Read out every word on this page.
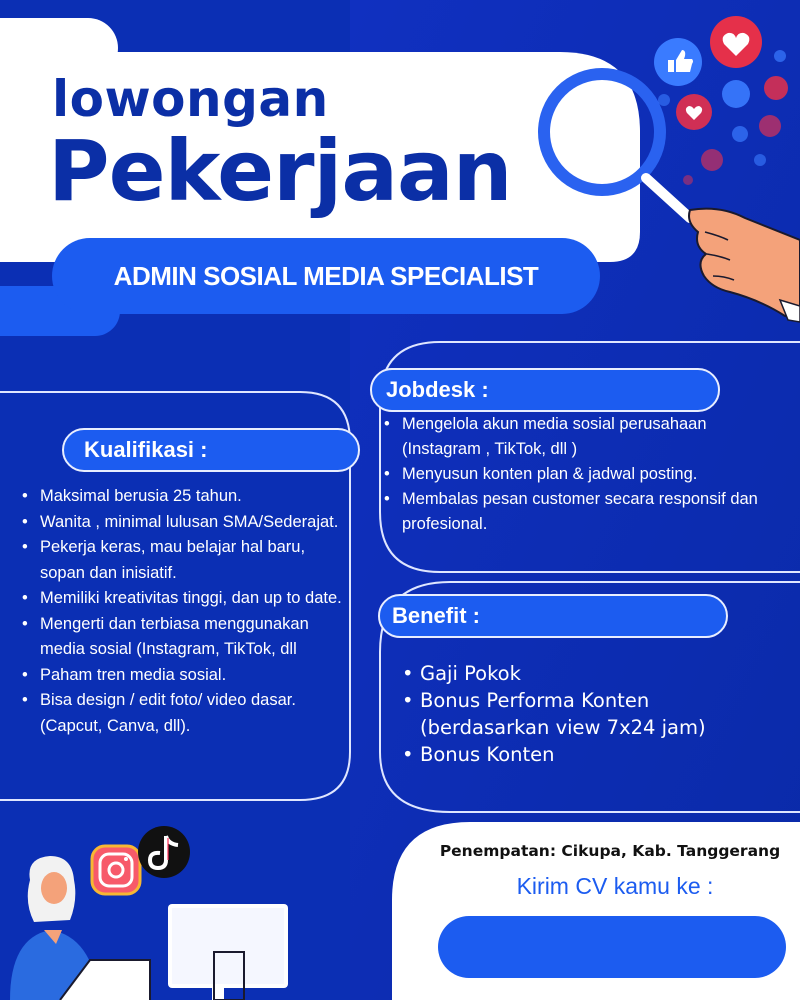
lowongan
Pekerjaan
ADMIN SOSIAL MEDIA SPECIALIST
Kualifikasi :
• Maksimal berusia 25 tahun.
• Wanita , minimal lulusan SMA/Sederajat.
• Pekerja keras, mau belajar hal baru, sopan dan inisiatif.
• Memiliki kreativitas tinggi, dan up to date.
• Mengerti dan terbiasa menggunakan media sosial (Instagram, TikTok, dll
• Paham tren media sosial.
• Bisa design / edit foto/ video dasar. (Capcut, Canva, dll).
Jobdesk :
• Mengelola akun media sosial perusahaan (Instagram , TikTok, dll )
• Menyusun konten plan & jadwal posting.
• Membalas pesan customer secara responsif dan profesional.
Benefit :
• Gaji Pokok
• Bonus Performa Konten (berdasarkan view 7x24 jam)
• Bonus Konten
Penempatan: Cikupa, Kab. Tanggerang
Kirim CV kamu ke :
